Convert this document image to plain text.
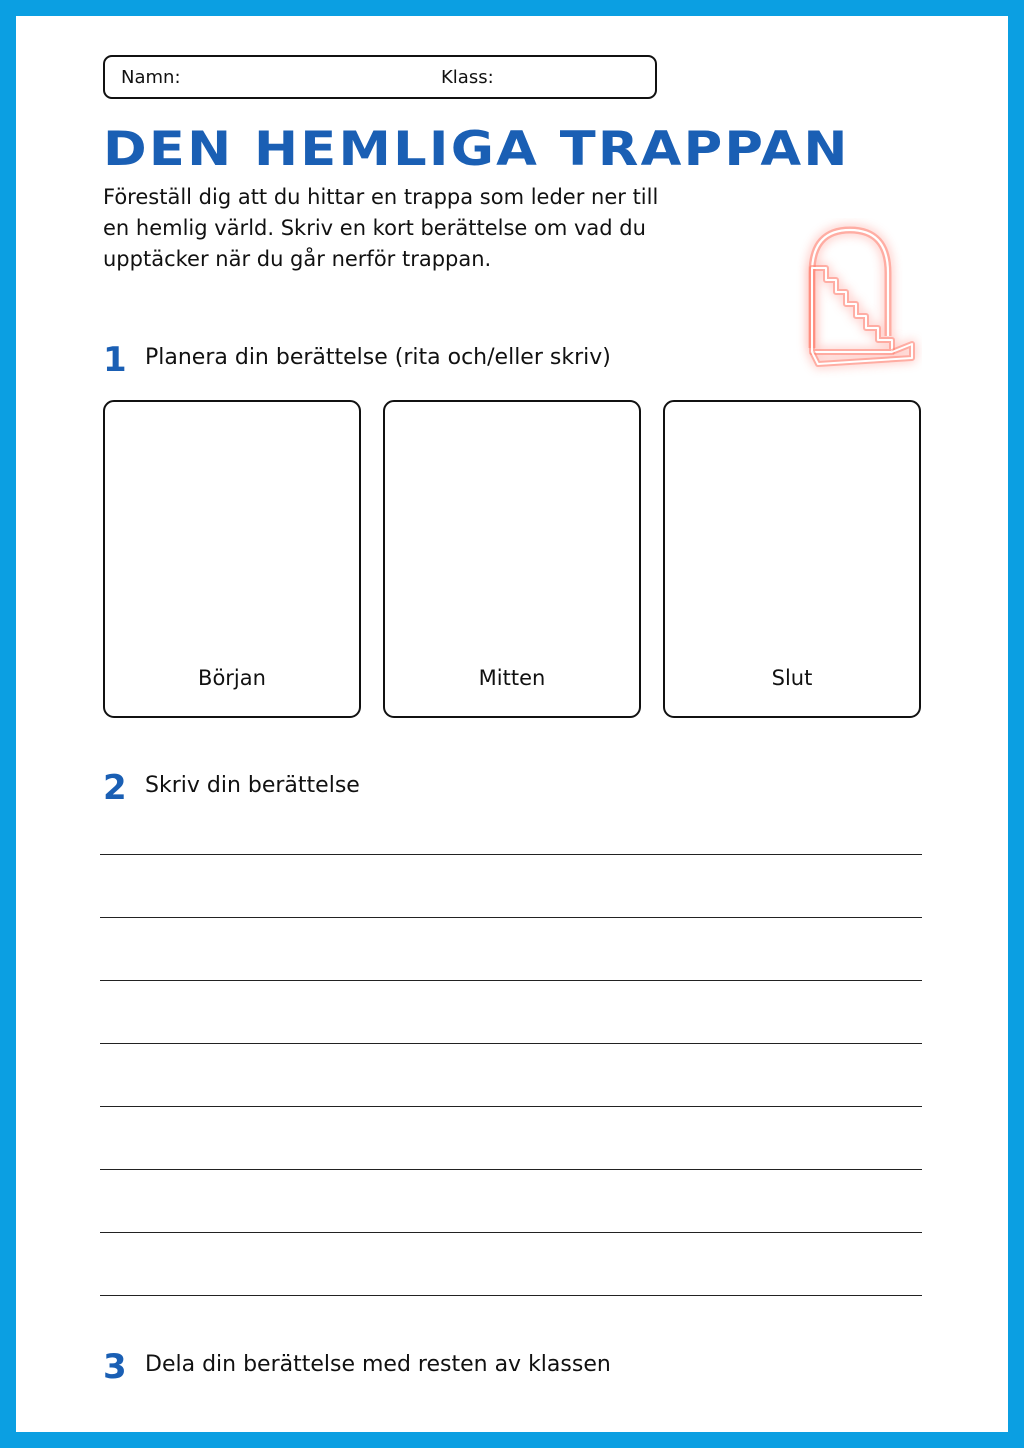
Namn:	Klass:
DEN HEMLIGA TRAPPAN
Föreställ dig att du hittar en trappa som leder ner till en hemlig värld. Skriv en kort berättelse om vad du upptäcker när du går nerför trappan.
1 Planera din berättelse (rita och/eller skriv)
Början	Mitten	Slut
2 Skriv din berättelse
3 Dela din berättelse med resten av klassen
